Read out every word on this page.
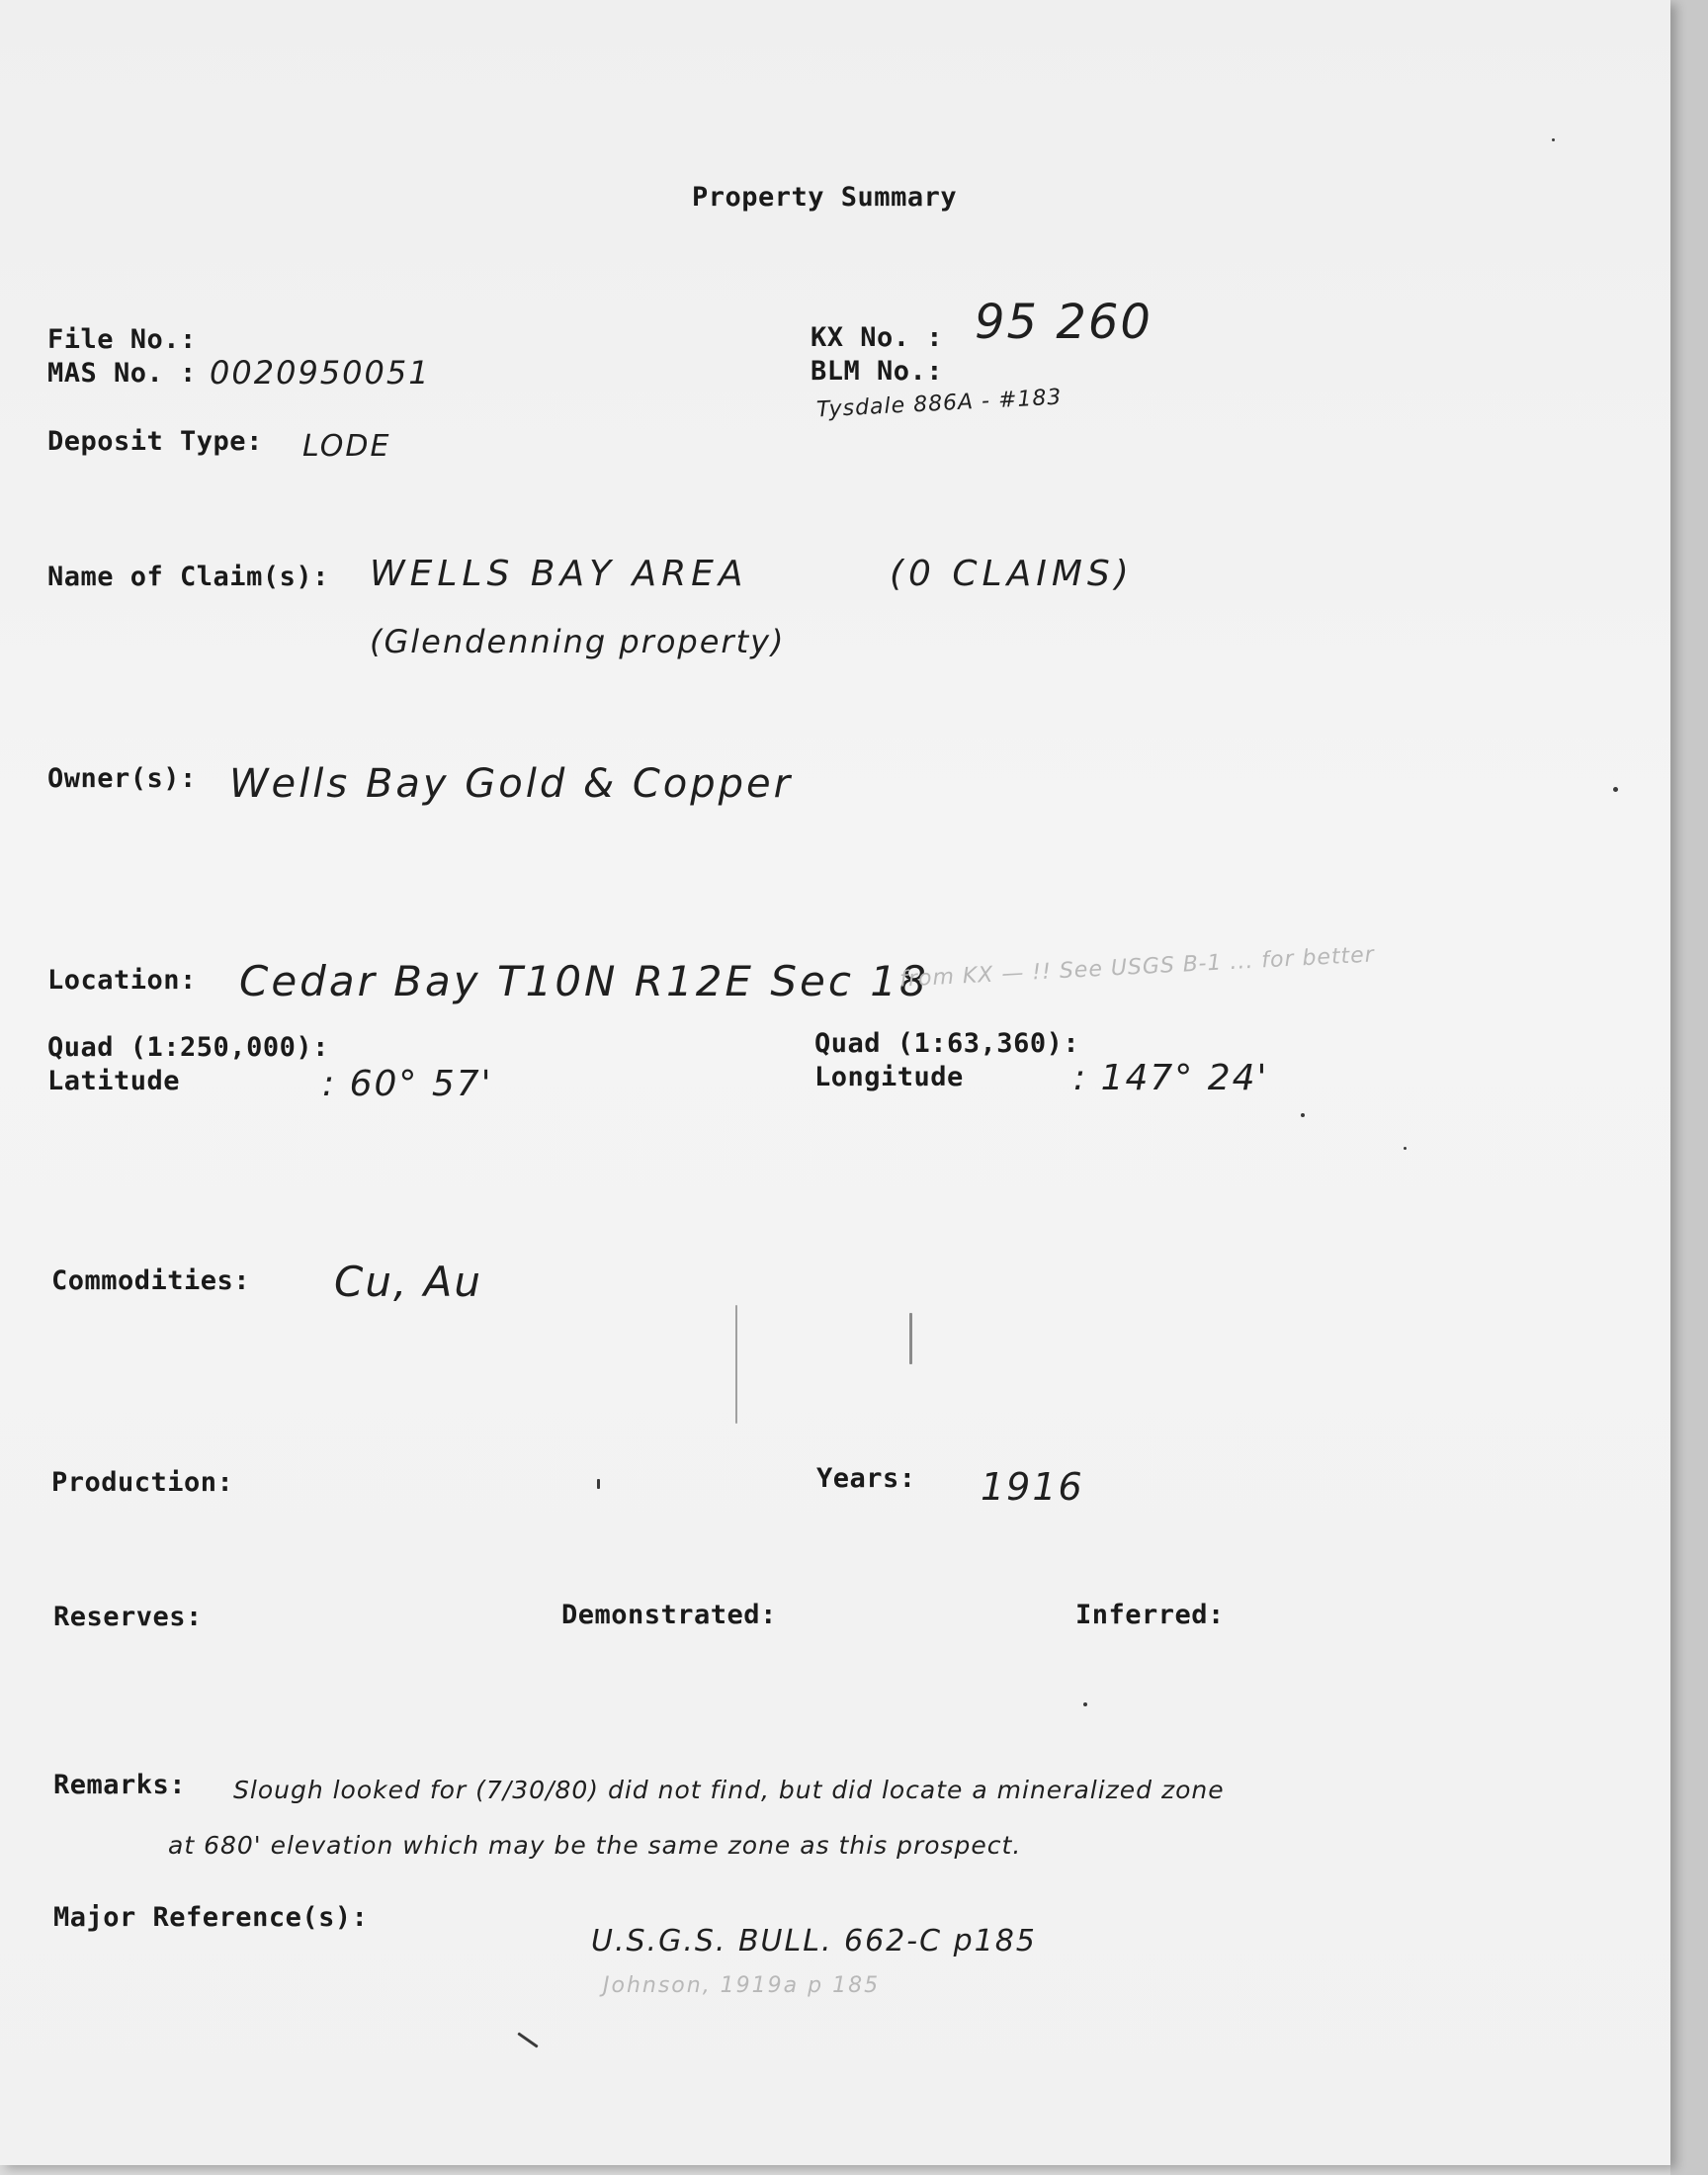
Property Summary
File No.:
MAS No. : 0020950051
KX No. : 95 260
BLM No.:
Tysdale 886A - #183
Deposit Type: LODE
Name of Claim(s): WELLS BAY AREA	(0 CLAIMS)
(Glendenning property)
Owner(s): Wells Bay Gold & Copper
Location: Cedar Bay T10N R12E Sec 18
from KX — !! See USGS B-1 ... for better
Quad (1:250,000):	Quad (1:63,360):
Latitude	: 60° 57'	Longitude	: 147° 24'
Commodities: Cu, Au
Production:	Years: 1916
Reserves:	Demonstrated:	Inferred:
Remarks: Slough looked for (7/30/80) did not find, but did locate a mineralized zone
at 680' elevation which may be the same zone as this prospect.
Major Reference(s):
U.S.G.S. BULL. 662-C p185
Johnson, 1919a p 185
